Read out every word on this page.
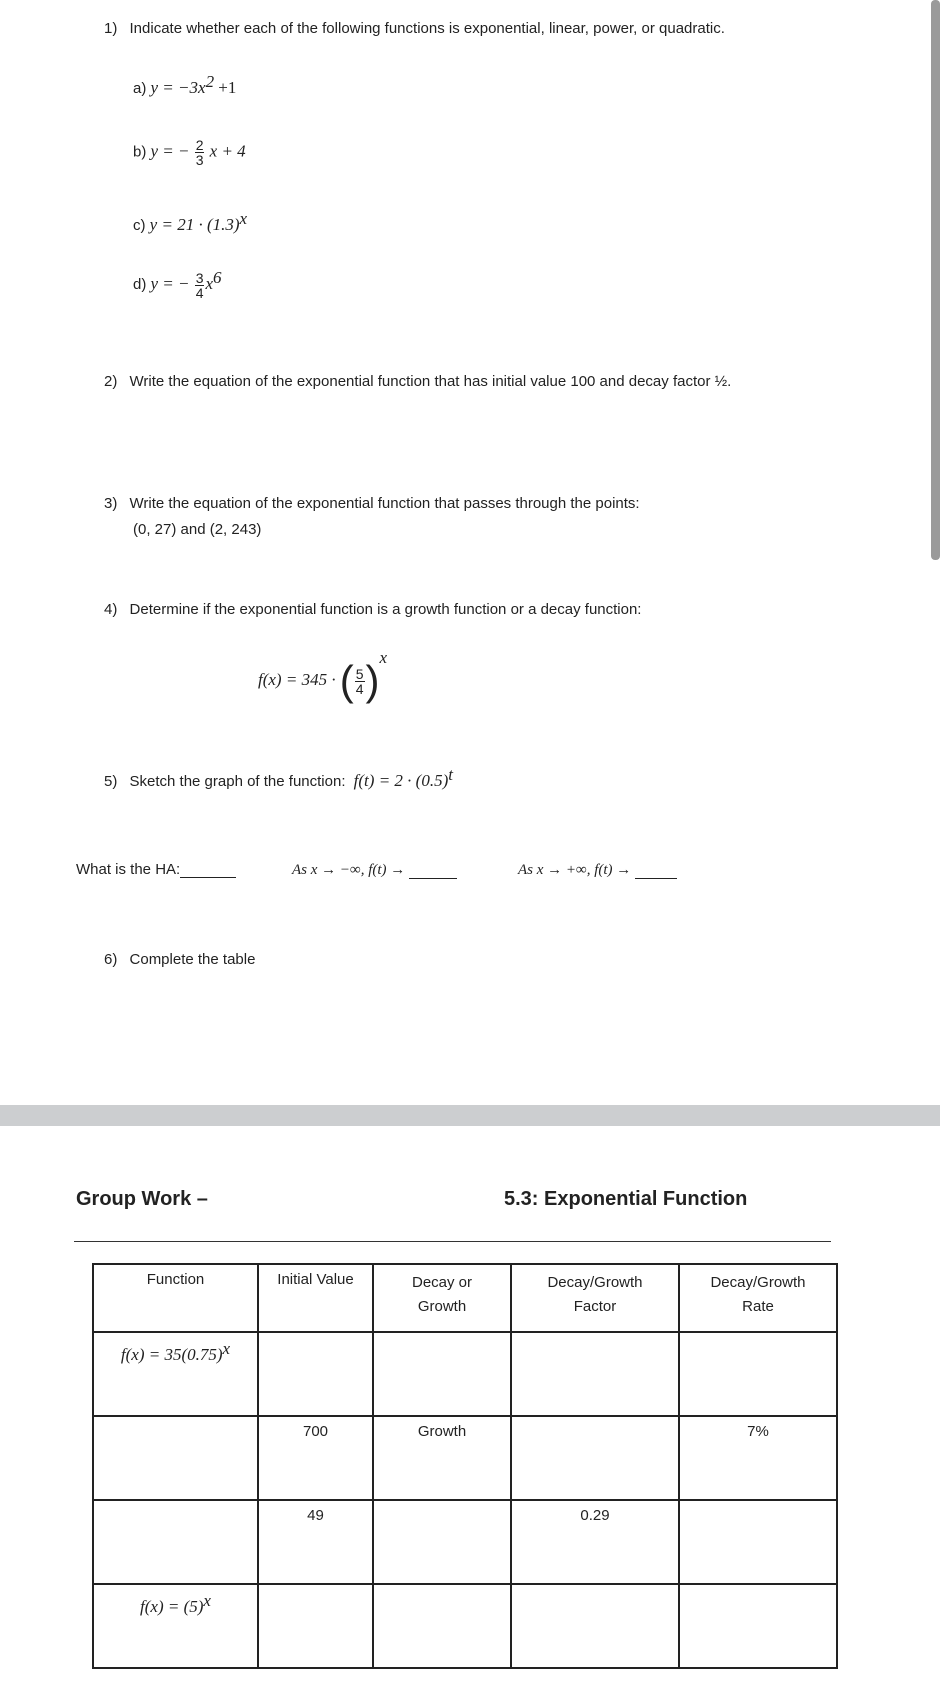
1) Indicate whether each of the following functions is exponential, linear, power, or quadratic.
a) $y = -3x^2 +1$
b) y = − $\frac{2}{3}$ x + 4
c) $y = 21 \cdot (1.3)^x$
d) y = − $\frac{3}{4} x^6$
2) Write the equation of the exponential function that has initial value 100 and decay factor ½.
3) Write the equation of the exponential function that passes through the points:
(0, 27) and (2, 243)
4) Determine if the exponential function is a growth function or a decay function:
f(x) = 345 · ( $\frac{5}{4} )^x$
5) Sketch the graph of the function: $f(t) = 2 \cdot (0.5)^t$
What is the HA:	As x → −∞, f(t) →	As x → +∞, f(t) →
6) Complete the table
Group Work –	5.3: Exponential Function
Function	Initial Value	Decay or Growth	Decay/Growth Factor	Decay/Growth Rate

$f(x) = 35(0.75)^x$				
	700	Growth		7%
	49		0.29	
$f(x) = (5)^x$				
